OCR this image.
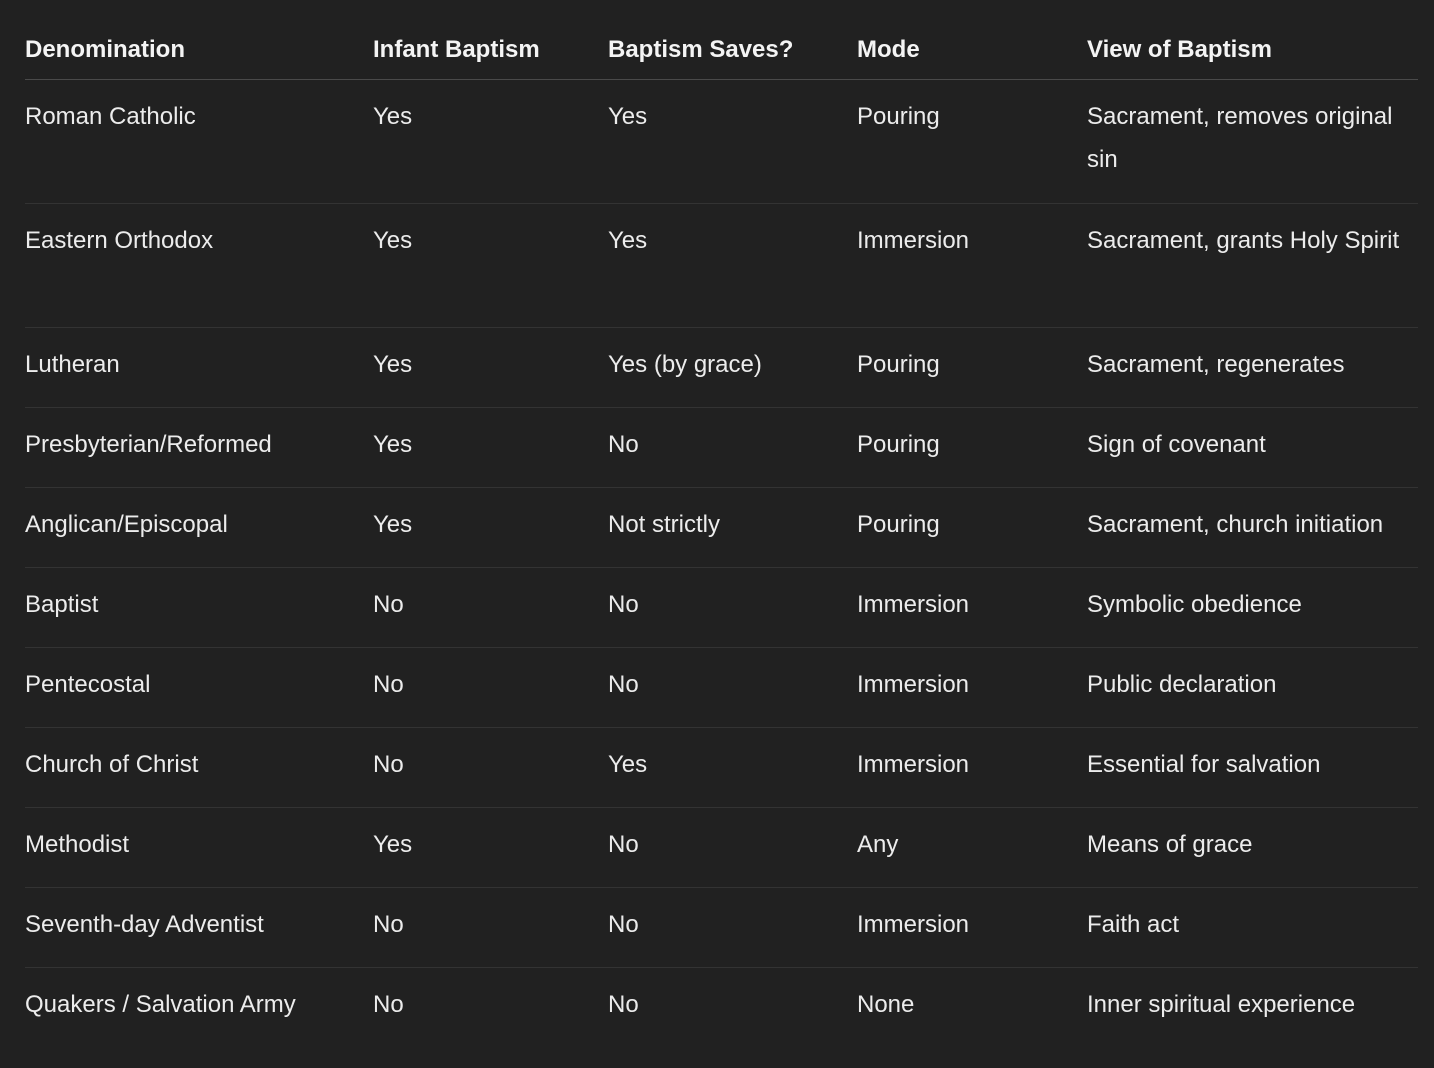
Denomination	Infant Baptism	Baptism Saves?	Mode	View of Baptism
Roman Catholic	Yes	Yes	Pouring	Sacrament, removes original sin
Eastern Orthodox	Yes	Yes	Immersion	Sacrament, grants Holy Spirit
Lutheran	Yes	Yes (by grace)	Pouring	Sacrament, regenerates
Presbyterian/Reformed	Yes	No	Pouring	Sign of covenant
Anglican/Episcopal	Yes	Not strictly	Pouring	Sacrament, church initiation
Baptist	No	No	Immersion	Symbolic obedience
Pentecostal	No	No	Immersion	Public declaration
Church of Christ	No	Yes	Immersion	Essential for salvation
Methodist	Yes	No	Any	Means of grace
Seventh-day Adventist	No	No	Immersion	Faith act
Quakers / Salvation Army	No	No	None	Inner spiritual experience
